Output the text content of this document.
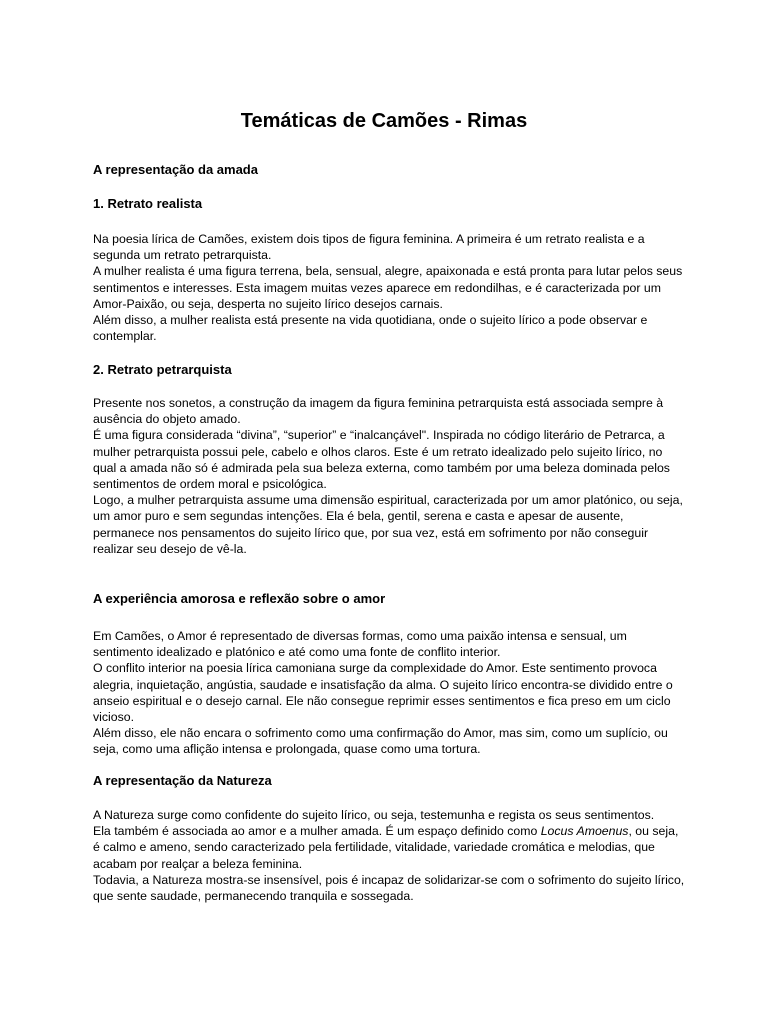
Temáticas de Camões - Rimas
A representação da amada
1. Retrato realista

Na poesia lírica de Camões, existem dois tipos de figura feminina. A primeira é um retrato realista e a segunda um retrato petrarquista.
A mulher realista é uma figura terrena, bela, sensual, alegre, apaixonada e está pronta para lutar pelos seus sentimentos e interesses. Esta imagem muitas vezes aparece em redondilhas, e é caracterizada por um Amor-Paixão, ou seja, desperta no sujeito lírico desejos carnais.
Além disso, a mulher realista está presente na vida quotidiana, onde o sujeito lírico a pode observar e contemplar.

2. Retrato petrarquista

Presente nos sonetos, a construção da imagem da figura feminina petrarquista está associada sempre à ausência do objeto amado.
É uma figura considerada “divina”, “superior” e “inalcançável". Inspirada no código literário de Petrarca, a mulher petrarquista possui pele, cabelo e olhos claros. Este é um retrato idealizado pelo sujeito lírico, no qual a amada não só é admirada pela sua beleza externa, como também por uma beleza dominada pelos sentimentos de ordem moral e psicológica.
Logo, a mulher petrarquista assume uma dimensão espiritual, caracterizada por um amor platónico, ou seja, um amor puro e sem segundas intenções. Ela é bela, gentil, serena e casta e apesar de ausente, permanece nos pensamentos do sujeito lírico que, por sua vez, está em sofrimento por não conseguir realizar seu desejo de vê-la.

A experiência amorosa e reflexão sobre o amor

Em Camões, o Amor é representado de diversas formas, como uma paixão intensa e sensual, um sentimento idealizado e platónico e até como uma fonte de conflito interior.
O conflito interior na poesia lírica camoniana surge da complexidade do Amor. Este sentimento provoca alegria, inquietação, angústia, saudade e insatisfação da alma. O sujeito lírico encontra-se dividido entre o anseio espiritual e o desejo carnal. Ele não consegue reprimir esses sentimentos e fica preso em um ciclo vicioso.
Além disso, ele não encara o sofrimento como uma confirmação do Amor, mas sim, como um suplício, ou seja, como uma aflição intensa e prolongada, quase como uma tortura.

A representação da Natureza

A Natureza surge como confidente do sujeito lírico, ou seja, testemunha e regista os seus sentimentos.
Ela também é associada ao amor e a mulher amada. É um espaço definido como Locus Amoenus, ou seja, é calmo e ameno, sendo caracterizado pela fertilidade, vitalidade, variedade cromática e melodias, que acabam por realçar a beleza feminina.
Todavia, a Natureza mostra-se insensível, pois é incapaz de solidarizar-se com o sofrimento do sujeito lírico, que sente saudade, permanecendo tranquila e sossegada.
